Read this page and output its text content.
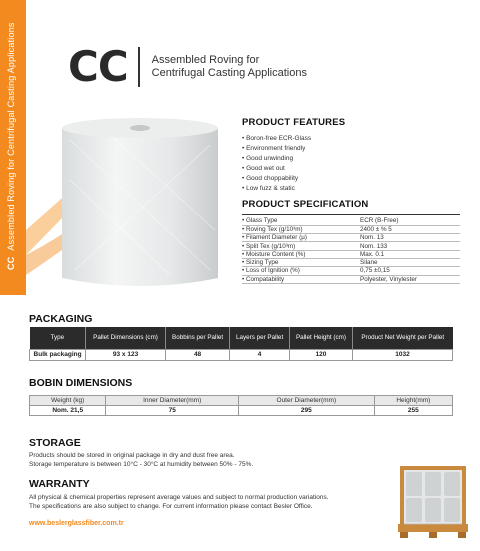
CCAssembled Roving for Centrifugal Casting Applications CC Assembled Roving for
Centrifugal Casting Applications
PRODUCT FEATURES
• Boron-free ECR-Glass
• Environment friendly
• Good unwinding
• Good wet out
• Good choppability
• Low fuzz & static
PRODUCT SPECIFICATION
• Glass Type	ECR (B-Free)
• Roving Tex (g/10³m)	2400 ± % 5
• Filament Diameter (µ)	Nom. 13
• Split Tex (g/10³m)	Nom. 133
• Moisture Content (%)	Max. 0.1
• Sizing Type	Silane
• Loss of Ignition (%)	0,75 ±0,15
• Compatability	Polyester, Vinylester
PACKAGING
Type	Pallet Dimensions (cm)	Bobbins per Pallet	Layers per Pallet	Pallet Height (cm)	Product Net Weight per Pallet
Bulk packaging	93 x 123	48	4	120	1032
BOBIN DIMENSIONS
Weight (kg)	Inner Diameter(mm)	Outer Diameter(mm)	Height(mm)
Nom. 21,5	75	295	255
STORAGE
Products should be stored in original package in dry and dust free area.
Storage temperature is between 10°C - 30°C at humidity between 50% - 75%.
WARRANTY
All physical & chemical properties represent average values and subject to normal production variations.
The specifications are also subject to change. For current information please contact Besler Office.
www.beslerglassfiber.com.tr
